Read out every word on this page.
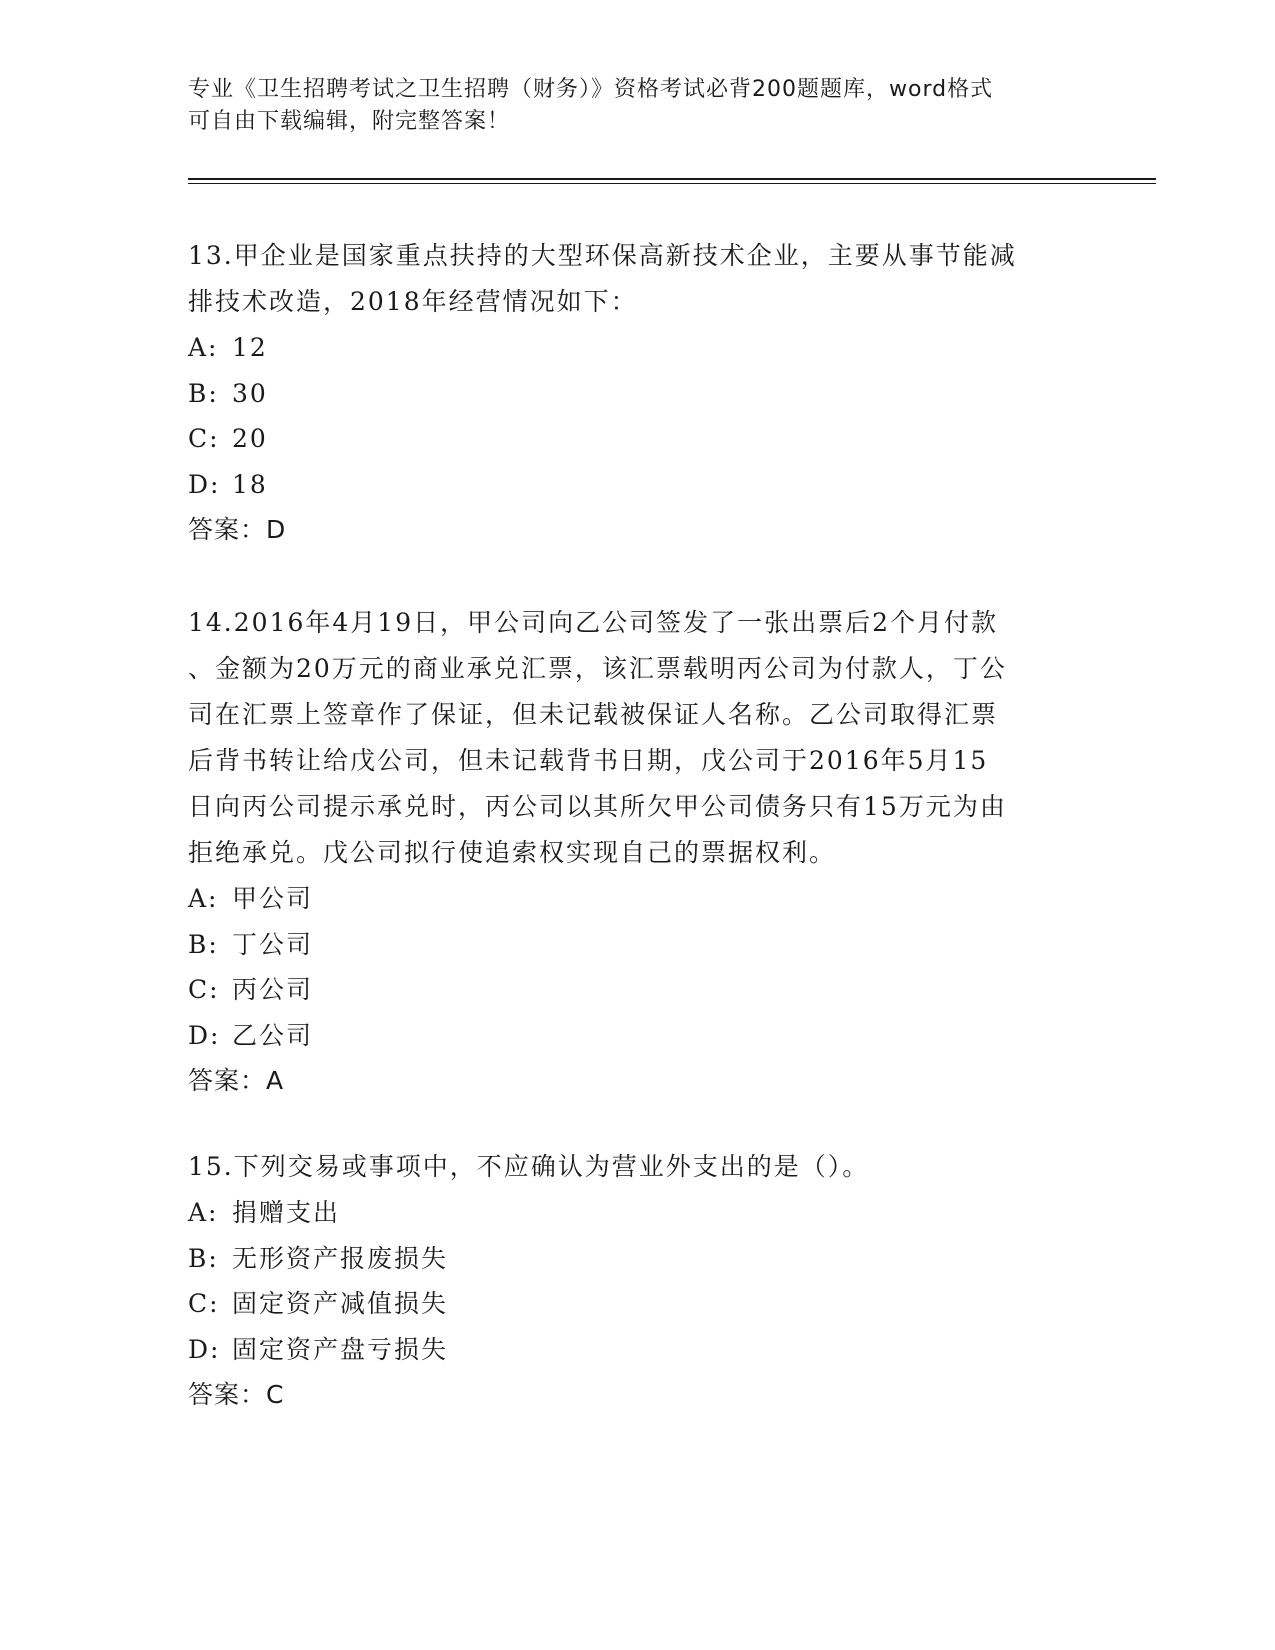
专业《卫生招聘考试之卫生招聘（财务）》资格考试必背200题题库，word格式
可自由下载编辑，附完整答案！
13.甲企业是国家重点扶持的大型环保高新技术企业，主要从事节能减
排技术改造，2018年经营情况如下：
A: 12
B: 30
C: 20
D: 18
答案：D
14.2016年4月19日，甲公司向乙公司签发了一张出票后2个月付款
、金额为20万元的商业承兑汇票，该汇票载明丙公司为付款人，丁公
司在汇票上签章作了保证，但未记载被保证人名称。乙公司取得汇票
后背书转让给戊公司，但未记载背书日期，戊公司于2016年5月15
日向丙公司提示承兑时，丙公司以其所欠甲公司债务只有15万元为由
拒绝承兑。戊公司拟行使追索权实现自己的票据权利。
A: 甲公司
B: 丁公司
C: 丙公司
D: 乙公司
答案：A
15.下列交易或事项中，不应确认为营业外支出的是（）。
A: 捐赠支出
B: 无形资产报废损失
C: 固定资产减值损失
D: 固定资产盘亏损失
答案：C
